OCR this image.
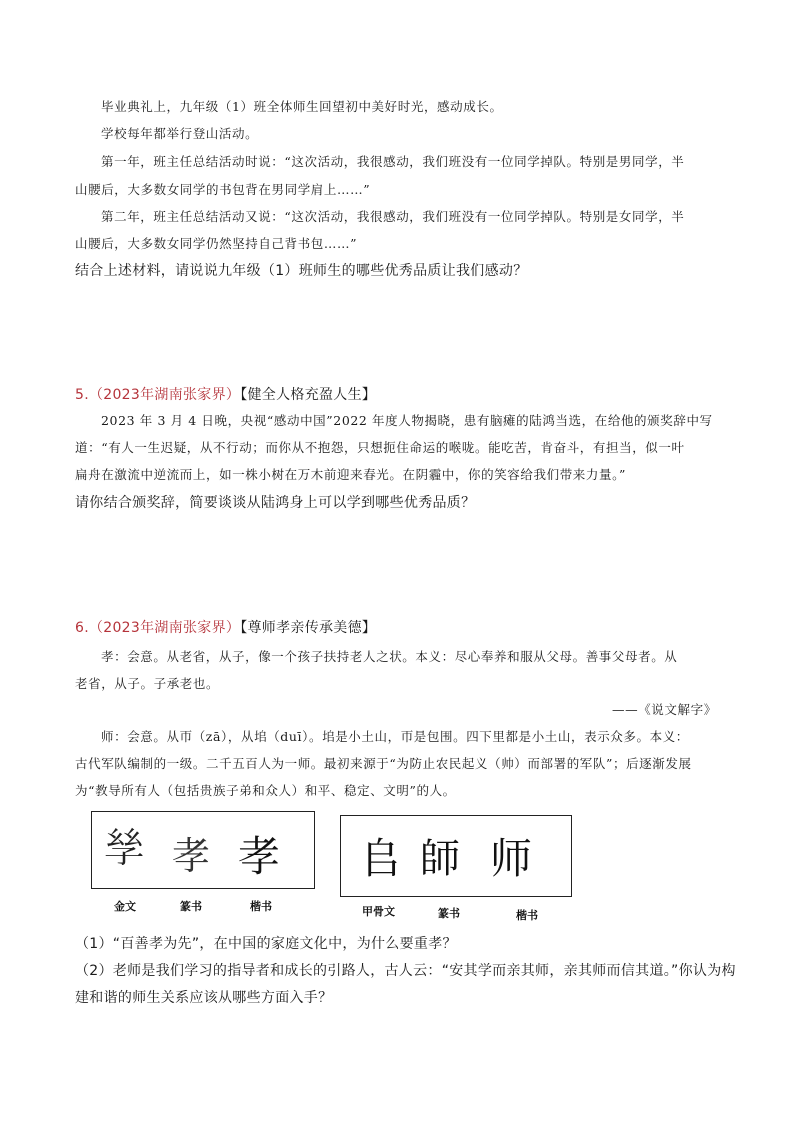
毕业典礼上，九年级（1）班全体师生回望初中美好时光，感动成长。

学校每年都举行登山活动。

第一年，班主任总结活动时说：“这次活动，我很感动，我们班没有一位同学掉队。特别是男同学，半

山腰后，大多数女同学的书包背在男同学肩上……”

第二年，班主任总结活动又说：“这次活动，我很感动，我们班没有一位同学掉队。特别是女同学，半

山腰后，大多数女同学仍然坚持自己背书包……”

结合上述材料，请说说九年级（1）班师生的哪些优秀品质让我们感动？

5.（2023年湖南张家界）【健全人格充盈人生】

2023 年 3 月 4 日晚，央视“感动中国”2022 年度人物揭晓，患有脑瘫的陆鸿当选，在给他的颁奖辞中写

道：“有人一生迟疑，从不行动；而你从不抱怨，只想扼住命运的喉咙。能吃苦，肯奋斗，有担当，似一叶

扁舟在激流中逆流而上，如一株小树在万木前迎来春光。在阴霾中，你的笑容给我们带来力量。”

请你结合颁奖辞，简要谈谈从陆鸿身上可以学到哪些优秀品质？

6.（2023年湖南张家界）【尊师孝亲传承美德】

孝：会意。从老省，从子，像一个孩子扶持老人之状。本义：尽心奉养和服从父母。善事父母者。从

老省，从子。子承老也。

——《说文解字》

师：会意。从帀（zā），从垖（duī）。垖是小土山，帀是包围。四下里都是小土山，表示众多。本义：

古代军队编制的一级。二千五百人为一师。最初来源于“为防止农民起义（帅）而部署的军队”；后逐渐发展

为“教导所有人（包括贵族子弟和众人）和平、稳定、文明”的人。

𡥝 孝 孝
金文	篆书	楷书
𠂤 師 师
甲骨文	篆书	楷书

（1）“百善孝为先”，在中国的家庭文化中，为什么要重孝？

（2）老师是我们学习的指导者和成长的引路人，古人云：“安其学而亲其师，亲其师而信其道。”你认为构

建和谐的师生关系应该从哪些方面入手？
